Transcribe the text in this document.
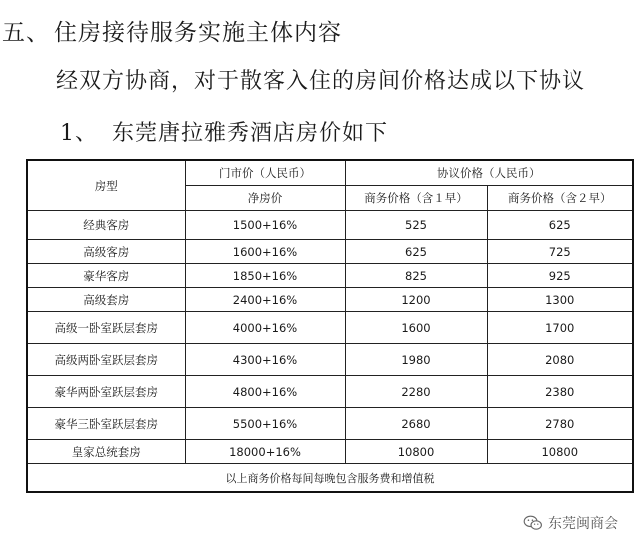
五、 住房接待服务实施主体内容
经双方协商，对于散客入住的房间价格达成以下协议
1、 东莞唐拉雅秀酒店房价如下
房型	门市价（人民币）	协议价格（人民币）	
	净房价	商务价格（含１早）	商务价格（含２早）
经典客房	1500+16%	525	625
高级客房	1600+16%	625	725
豪华客房	1850+16%	825	925
高级套房	2400+16%	1200	1300
高级一卧室跃层套房	4000+16%	1600	1700
高级两卧室跃层套房	4300+16%	1980	2080
豪华两卧室跃层套房	4800+16%	2280	2380
豪华三卧室跃层套房	5500+16%	2680	2780
皇家总统套房	18000+16%	10800	10800
以上商务价格每间每晚包含服务费和增值税			
东莞闽商会
